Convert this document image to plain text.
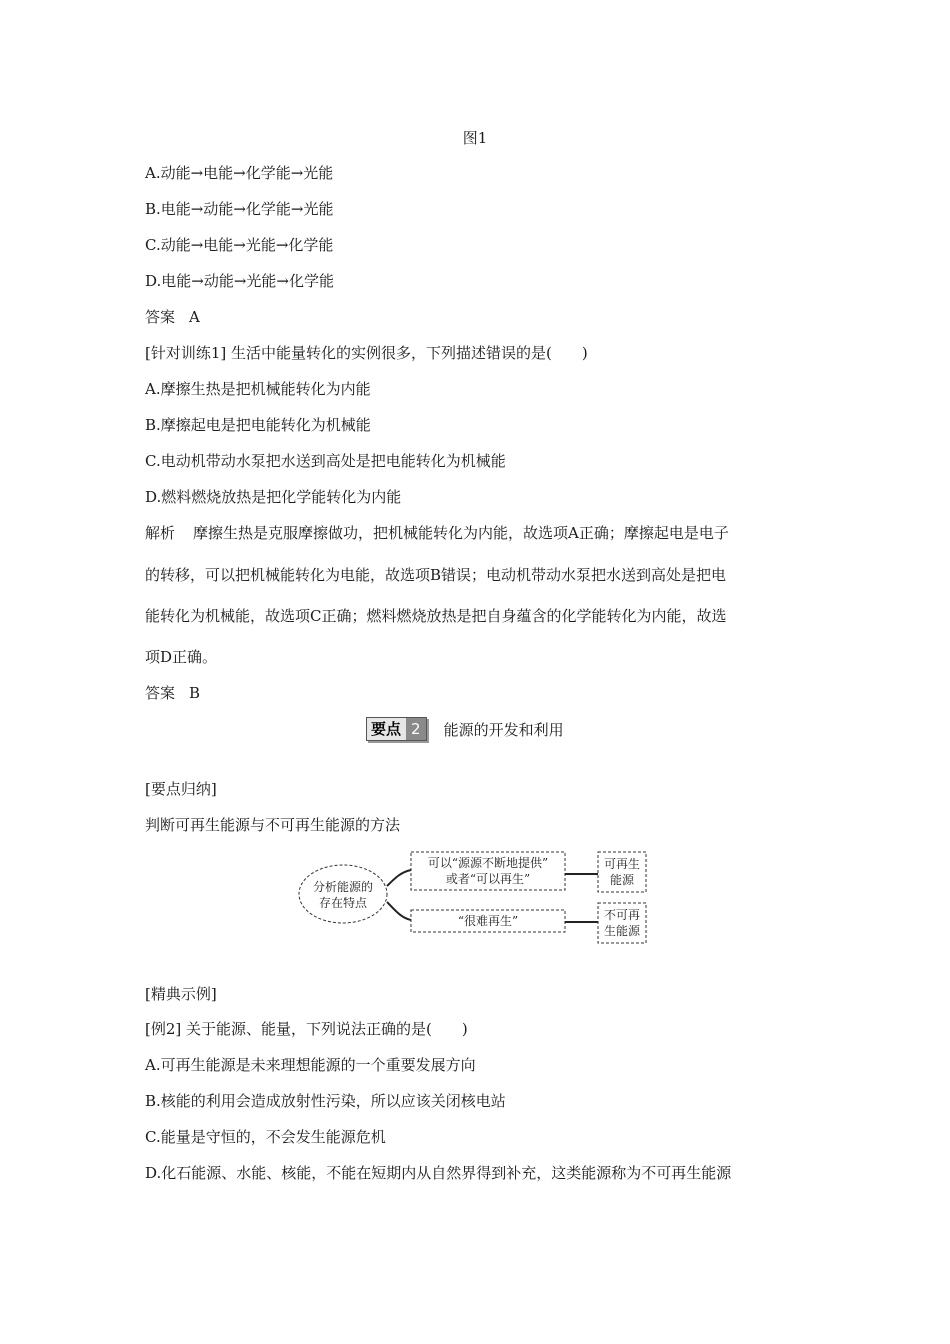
图1
A.动能→电能→化学能→光能
B.电能→动能→化学能→光能
C.动能→电能→光能→化学能
D.电能→动能→光能→化学能
答案 A
[针对训练1] 生活中能量转化的实例很多，下列描述错误的是(　　)
A.摩擦生热是把机械能转化为内能
B.摩擦起电是把电能转化为机械能
C.电动机带动水泵把水送到高处是把电能转化为机械能
D.燃料燃烧放热是把化学能转化为内能
解析 摩擦生热是克服摩擦做功，把机械能转化为内能，故选项A正确；摩擦起电是电子
的转移，可以把机械能转化为电能，故选项B错误；电动机带动水泵把水送到高处是把电
能转化为机械能，故选项C正确；燃料燃烧放热是把自身蕴含的化学能转化为内能，故选
项D正确。
答案 B
要点 2	能源的开发和利用
[要点归纳]
判断可再生能源与不可再生能源的方法
分析能源的
存在特点
可以“源源不断地提供”
或者“可以再生”
“很难再生”
可再生
能源
不可再
生能源
[精典示例]
[例2] 关于能源、能量，下列说法正确的是(　　)
A.可再生能源是未来理想能源的一个重要发展方向
B.核能的利用会造成放射性污染，所以应该关闭核电站
C.能量是守恒的，不会发生能源危机
D.化石能源、水能、核能，不能在短期内从自然界得到补充，这类能源称为不可再生能源
